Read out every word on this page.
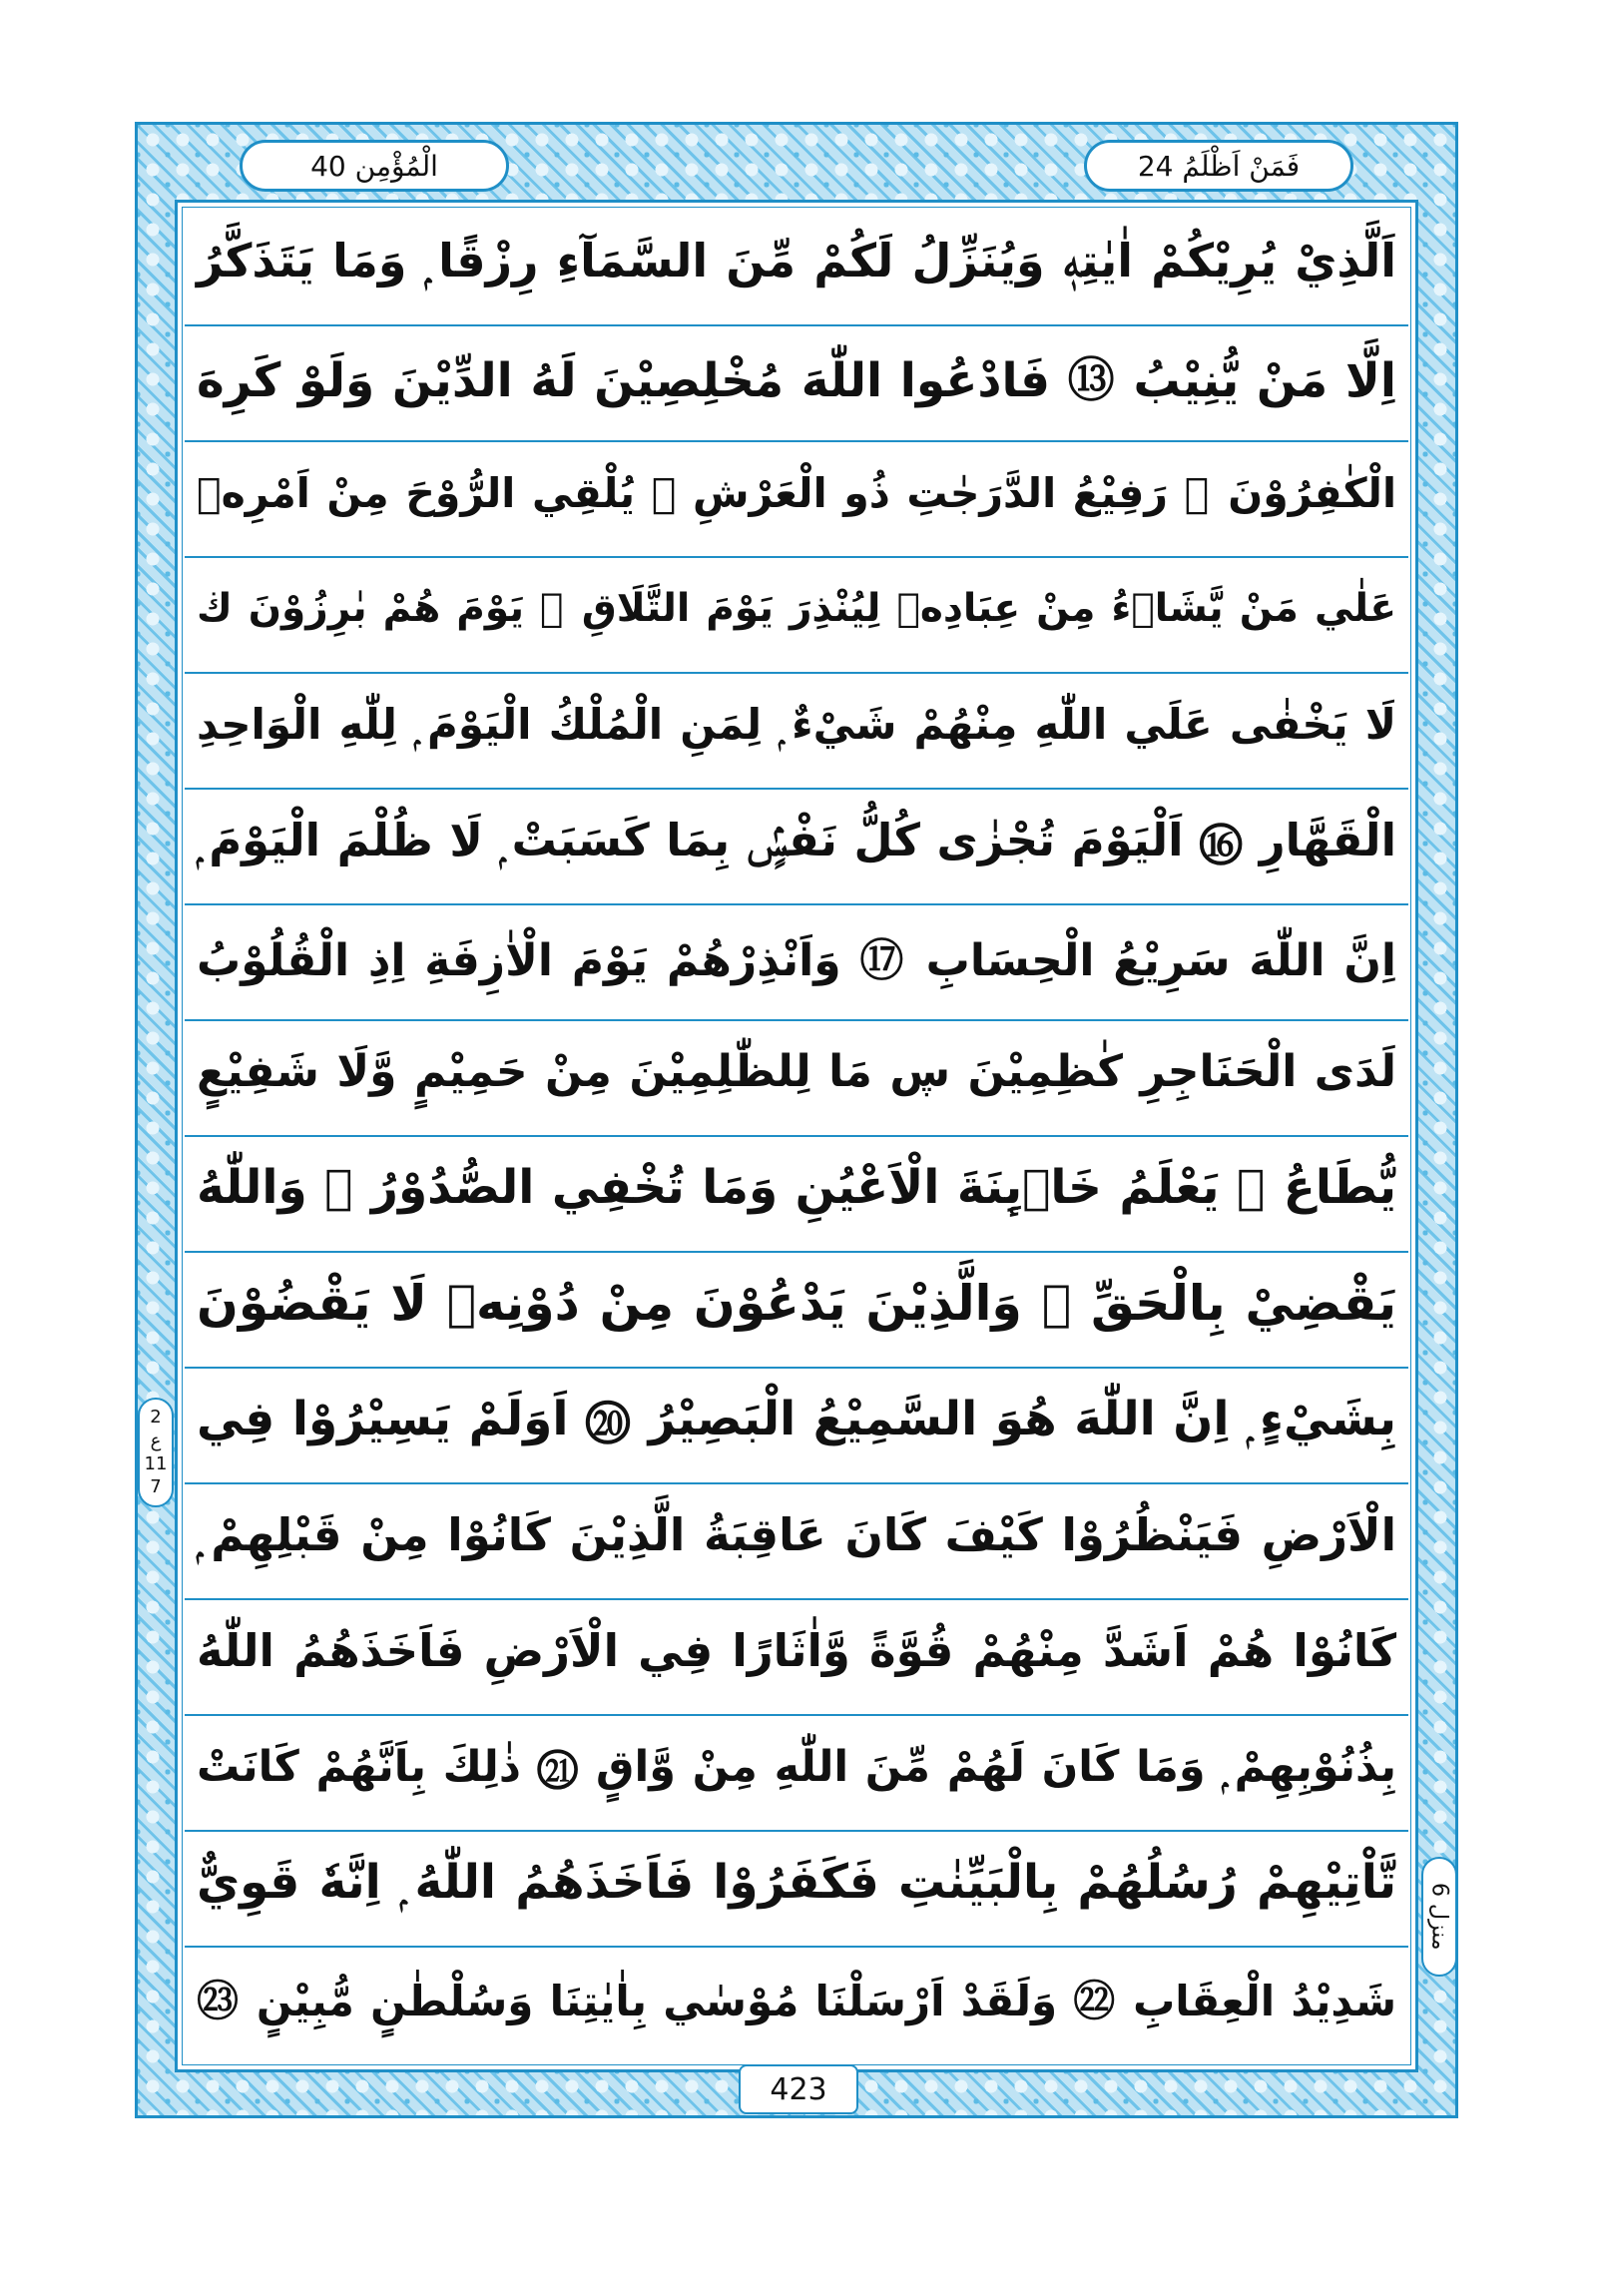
الْمُؤْمِن 40	فَمَنْ اَظْلَمُ 24
اَلَّذِيْ يُرِيْكُمْ اٰيٰتِهٖ وَيُنَزِّلُ لَكُمْ مِّنَ السَّمَآءِ رِزْقًا ۭ وَمَا يَتَذَكَّرُ
اِلَّا مَنْ يُّنِيْبُ ⑬ فَادْعُوا اللّٰهَ مُخْلِصِيْنَ لَهُ الدِّيْنَ وَلَوْ كَرِهَ
الْكٰفِرُوْنَ ⑭ رَفِيْعُ الدَّرَجٰتِ ذُو الْعَرْشِ ۚ يُلْقِي الرُّوْحَ مِنْ اَمْرِهٖ
عَلٰي مَنْ يَّشَاۗءُ مِنْ عِبَادِهٖ لِيُنْذِرَ يَوْمَ التَّلَاقِ ⑮ يَوْمَ هُمْ بٰرِزُوْنَ ڬ
لَا يَخْفٰى عَلَي اللّٰهِ مِنْهُمْ شَيْءٌ ۭ لِمَنِ الْمُلْكُ الْيَوْمَ ۭ لِلّٰهِ الْوَاحِدِ
الْقَهَّارِ ⑯ اَلْيَوْمَ تُجْزٰى كُلُّ نَفْسٍۢ بِمَا كَسَبَتْ ۭ لَا ظُلْمَ الْيَوْمَ ۭ
اِنَّ اللّٰهَ سَرِيْعُ الْحِسَابِ ⑰ وَاَنْذِرْهُمْ يَوْمَ الْاٰزِفَةِ اِذِ الْقُلُوْبُ
لَدَى الْحَنَاجِرِ كٰظِمِيْنَ ڛ مَا لِلظّٰلِمِيْنَ مِنْ حَمِيْمٍ وَّلَا شَفِيْعٍ
يُّطَاعُ ⑱ يَعْلَمُ خَاۗىِٕنَةَ الْاَعْيُنِ وَمَا تُخْفِي الصُّدُوْرُ ⑲ وَاللّٰهُ
يَقْضِيْ بِالْحَقِّ ۭ وَالَّذِيْنَ يَدْعُوْنَ مِنْ دُوْنِهٖ لَا يَقْضُوْنَ
بِشَيْءٍ ۭ اِنَّ اللّٰهَ هُوَ السَّمِيْعُ الْبَصِيْرُ ⑳ اَوَلَمْ يَسِيْرُوْا فِي
الْاَرْضِ فَيَنْظُرُوْا كَيْفَ كَانَ عَاقِبَةُ الَّذِيْنَ كَانُوْا مِنْ قَبْلِهِمْ ۭ
كَانُوْا هُمْ اَشَدَّ مِنْهُمْ قُوَّةً وَّاٰثَارًا فِي الْاَرْضِ فَاَخَذَهُمُ اللّٰهُ
بِذُنُوْبِهِمْ ۭ وَمَا كَانَ لَهُمْ مِّنَ اللّٰهِ مِنْ وَّاقٍ ㉑ ذٰلِكَ بِاَنَّهُمْ كَانَتْ
تَّاْتِيْهِمْ رُسُلُهُمْ بِالْبَيِّنٰتِ فَكَفَرُوْا فَاَخَذَهُمُ اللّٰهُ ۭ اِنَّهٗ قَوِيٌّ
شَدِيْدُ الْعِقَابِ ㉒ وَلَقَدْ اَرْسَلْنَا مُوْسٰي بِاٰيٰتِنَا وَسُلْطٰنٍ مُّبِيْنٍ ㉓
2
ع
11
7
منزل 6
423
